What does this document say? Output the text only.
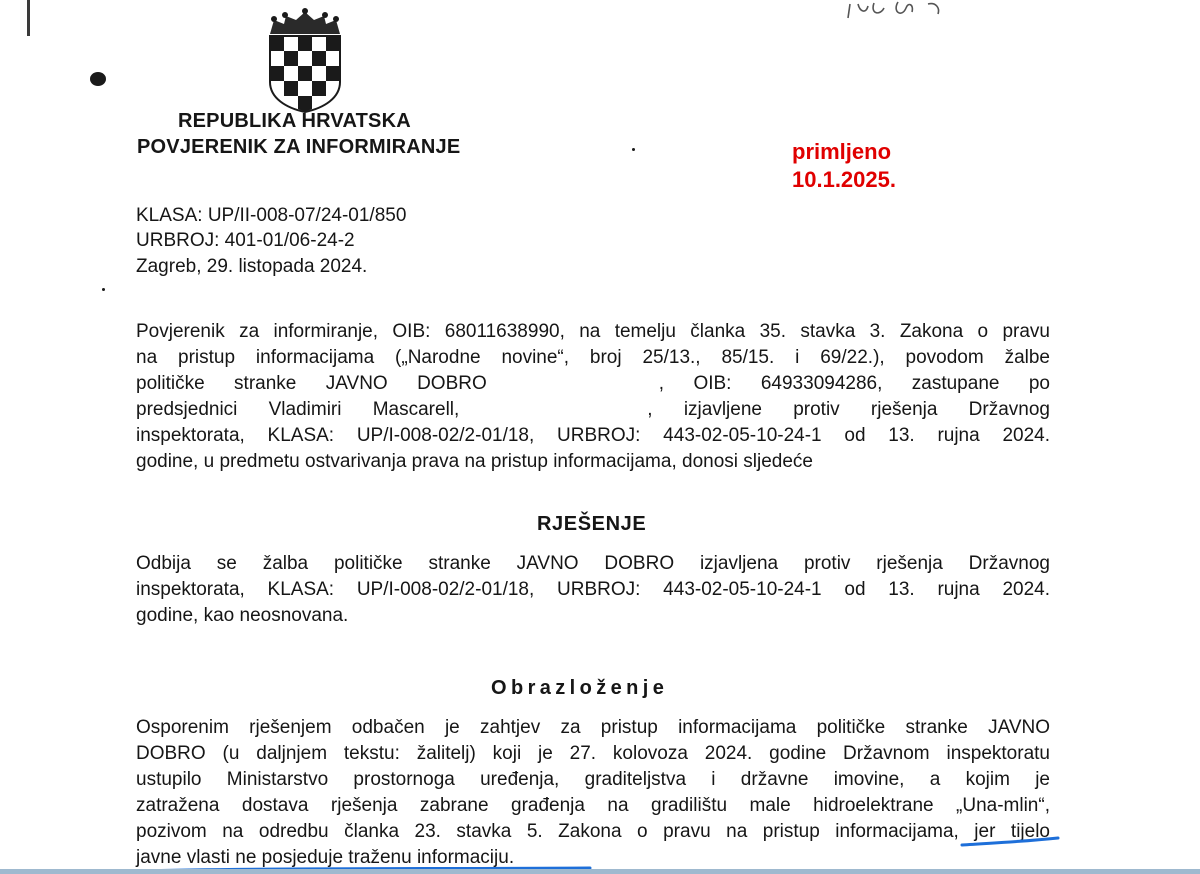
REPUBLIKA HRVATSKA
POVJERENIK ZA INFORMIRANJE	primljeno
10.1.2025.
KLASA: UP/II-008-07/24-01/850
URBROJ: 401-01/06-24-2
Zagreb, 29. listopada 2024.
Povjerenik za informiranje, OIB: 68011638990, na temelju članka 35. stavka 3. Zakona o pravu
na pristup informacijama („Narodne novine“, broj 25/13., 85/15. i 69/22.), povodom žalbe
političke stranke JAVNO DOBRO	, OIB: 64933094286, zastupane po
predsjednici Vladimiri Mascarell,	, izjavljene protiv rješenja Državnog
inspektorata, KLASA: UP/I-008-02/2-01/18, URBROJ: 443-02-05-10-24-1 od 13. rujna 2024.
godine, u predmetu ostvarivanja prava na pristup informacijama, donosi sljedeće
RJEŠENJE
Odbija se žalba političke stranke JAVNO DOBRO izjavljena protiv rješenja Državnog
inspektorata, KLASA: UP/I-008-02/2-01/18, URBROJ: 443-02-05-10-24-1 od 13. rujna 2024.
godine, kao neosnovana.
Obrazloženje
Osporenim rješenjem odbačen je zahtjev za pristup informacijama političke stranke JAVNO
DOBRO (u daljnjem tekstu: žalitelj) koji je 27. kolovoza 2024. godine Državnom inspektoratu
ustupilo Ministarstvo prostornoga uređenja, graditeljstva i državne imovine, a kojim je
zatražena dostava rješenja zabrane građenja na gradilištu male hidroelektrane „Una-mlin“,
pozivom na odredbu članka 23. stavka 5. Zakona o pravu na pristup informacijama, jer tijelo
javne vlasti ne posjeduje traženu informaciju.
